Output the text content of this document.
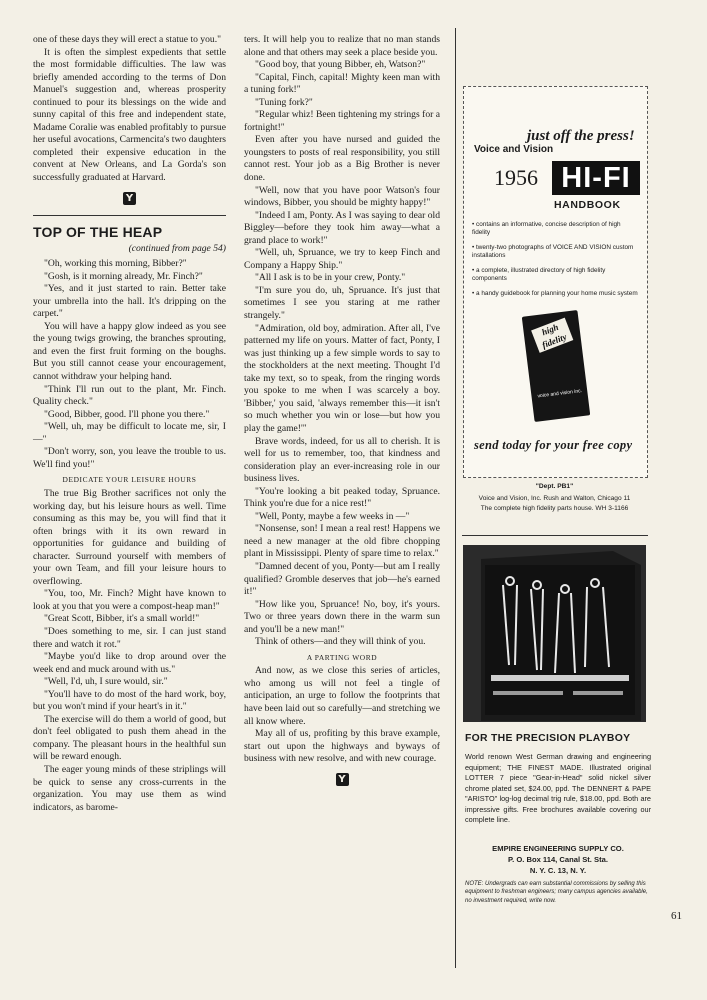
one of these days they will erect a statue to you."

It is often the simplest expedients that settle the most formidable difficulties. The law was briefly amended according to the terms of Don Manuel's suggestion and, whereas prosperity continued to pour its blessings on the wide and sunny capital of this free and independent state, Madame Coralie was enabled profitably to pursue her useful avocations, Carmencita's two daughters completed their expensive education in the convent at New Orleans, and La Gorda's son successfully graduated at Harvard.

Y
TOP OF THE HEAP
(continued from page 54)

"Oh, working this morning, Bibber?"

"Gosh, is it morning already, Mr. Finch?"

"Yes, and it just started to rain. Better take your umbrella into the hall. It's dripping on the carpet."

You will have a happy glow indeed as you see the young twigs growing, the branches sprouting, and even the first fruit forming on the boughs. But you still cannot cease your encouragement, cannot withdraw your helping hand.

"Think I'll run out to the plant, Mr. Finch. Quality check."

"Good, Bibber, good. I'll phone you there."

"Well, uh, may be difficult to locate me, sir, I —"

"Don't worry, son, you leave the trouble to us. We'll find you!"

DEDICATE YOUR LEISURE HOURS

The true Big Brother sacrifices not only the working day, but his leisure hours as well. Time consuming as this may be, you will find that it often brings with it its own reward in opportunities for guidance and building of character. Surround yourself with members of your own Team, and fill your leisure hours to overflowing.

"You, too, Mr. Finch? Might have known to look at you that you were a compost-heap man!"

"Great Scott, Bibber, it's a small world!"

"Does something to me, sir. I can just stand there and watch it rot."

"Maybe you'd like to drop around over the week end and muck around with us."

"Well, I'd, uh, I sure would, sir."

"You'll have to do most of the hard work, boy, but you won't mind if your heart's in it."

The exercise will do them a world of good, but don't feel obligated to push them ahead in the company. The pleasant hours in the healthful sun will be reward enough.

The eager young minds of these striplings will be quick to sense any cross-currents in the organization. You may use them as wind indicators, as barome-

ters. It will help you to realize that no man stands alone and that others may seek a place beside you.

"Good boy, that young Bibber, eh, Watson?"

"Capital, Finch, capital! Mighty keen man with a tuning fork!"

"Tuning fork?"

"Regular whiz! Been tightening my strings for a fortnight!"

Even after you have nursed and guided the youngsters to posts of real responsibility, you still cannot rest. Your job as a Big Brother is never done.

"Well, now that you have poor Watson's four windows, Bibber, you should be mighty happy!"

"Indeed I am, Ponty. As I was saying to dear old Biggley—before they took him away—what a grand place to work!"

"Well, uh, Spruance, we try to keep Finch and Company a Happy Ship."

"All I ask is to be in your crew, Ponty."

"I'm sure you do, uh, Spruance. It's just that sometimes I see you staring at me rather strangely."

"Admiration, old boy, admiration. After all, I've patterned my life on yours. Matter of fact, Ponty, I was just thinking up a few simple words to say to the stockholders at the next meeting. Thought I'd take my text, so to speak, from the ringing words you spoke to me when I was scarcely a boy. 'Bibber,' you said, 'always remember this—it isn't so much whether you win or lose—but how you play the game!'"

Brave words, indeed, for us all to cherish. It is well for us to remember, too, that kindness and consideration play an ever-increasing role in our business lives.

"You're looking a bit peaked today, Spruance. Think you're due for a nice rest!"

"Well, Ponty, maybe a few weeks in —"

"Nonsense, son! I mean a real rest! Happens we need a new manager at the old fibre chopping plant in Mississippi. Plenty of spare time to relax."

"Damned decent of you, Ponty—but am I really qualified? Gromble deserves that job—he's earned it!"

"How like you, Spruance! No, boy, it's yours. Two or three years down there in the warm sun and you'll be a new man!"

Think of others—and they will think of you.

A PARTING WORD

And now, as we close this series of articles, who among us will not feel a tingle of anticipation, an urge to follow the footprints that have been laid out so carefully—and stretching we all know where.

May all of us, profiting by this brave example, start out upon the highways and byways of business with new resolve, and with new courage.

Y
just off the press!
Voice and Vision
1956 HI-FI
HANDBOOK
• contains an informative, concise description of high fidelity
• twenty-two photographs of VOICE AND VISION custom installations
• a complete, illustrated directory of high fidelity components
• a handy guidebook for planning your home music system
high fidelity
voice and vision inc.
send today for your free copy
"Dept. PB1"
Voice and Vision, Inc. Rush and Walton, Chicago 11
The complete high fidelity parts house. WH 3-1166
FOR THE PRECISION PLAYBOY
World renown West German drawing and engineering equipment; THE FINEST MADE. Illustrated original LOTTER 7 piece "Gear-in-Head" solid nickel silver chrome plated set, $24.00, ppd. The DENNERT & PAPE "ARISTO" log-log decimal trig rule, $18.00, ppd. Both are impressive gifts. Free brochures available covering our complete line.
EMPIRE ENGINEERING SUPPLY CO.
P. O. Box 114, Canal St. Sta.
N. Y. C. 13, N. Y.
NOTE: Undergrads can earn substantial commissions by selling this equipment to freshman engineers; many campus agencies available, no investment required, write now.
61
